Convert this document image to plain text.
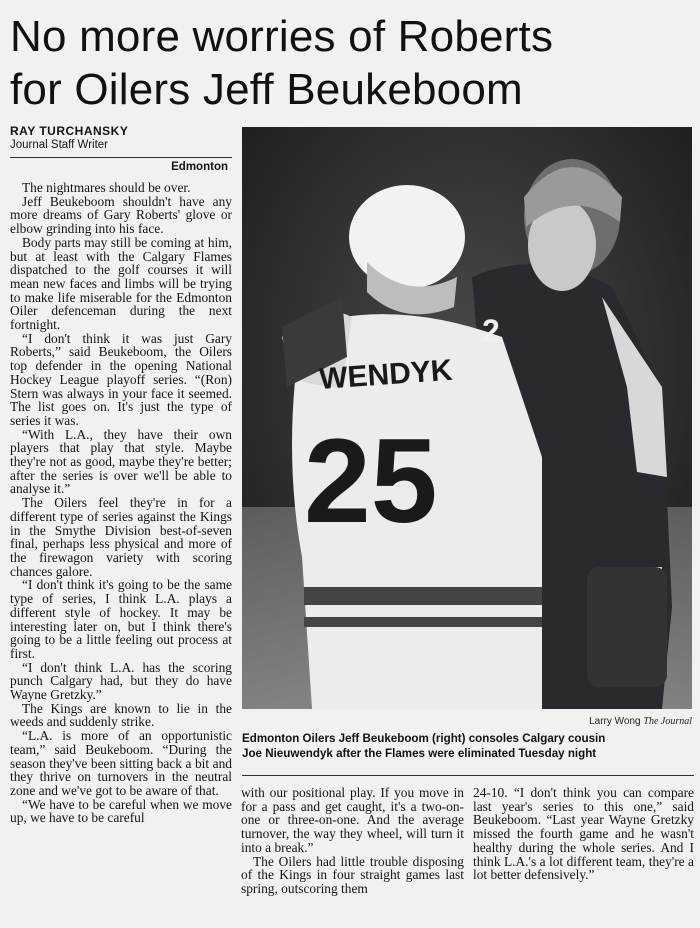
No more worries of Roberts
for Oilers Jeff Beukeboom
RAY TURCHANSKY
Journal Staff Writer
Edmonton

The nightmares should be over.

Jeff Beukeboom shouldn't have any more dreams of Gary Roberts' glove or elbow grinding into his face.

Body parts may still be coming at him, but at least with the Calgary Flames dispatched to the golf courses it will mean new faces and limbs will be trying to make life miserable for the Edmonton Oiler defenceman during the next fortnight.

“I don't think it was just Gary Roberts,” said Beukeboom, the Oilers top defender in the opening National Hockey League playoff series. “(Ron) Stern was always in your face it seemed. The list goes on. It's just the type of series it was.

“With L.A., they have their own players that play that style. Maybe they're not as good, maybe they're better; after the series is over we'll be able to analyse it.”

The Oilers feel they're in for a different type of series against the Kings in the Smythe Division best-of-seven final, perhaps less physical and more of the firewagon variety with scoring chances galore.

“I don't think it's going to be the same type of series, I think L.A. plays a different style of hockey. It may be interesting later on, but I think there's going to be a little feeling out process at first.

“I don't think L.A. has the scoring punch Calgary had, but they do have Wayne Gretzky.”

The Kings are known to lie in the weeds and suddenly strike.

“L.A. is more of an opportunistic team,” said Beukeboom. “During the season they've been sitting back a bit and they thrive on turnovers in the neutral zone and we've got to be aware of that.

“We have to be careful when we move up, we have to be careful

WENDYK
25
2
Larry Wong The Journal
Edmonton Oilers Jeff Beukeboom (right) consoles Calgary cousin
Joe Nieuwendyk after the Flames were eliminated Tuesday night

with our positional play. If you move in for a pass and get caught, it's a two-on-one or three-on-one. And the average turnover, the way they wheel, will turn it into a break.”

The Oilers had little trouble disposing of the Kings in four straight games last spring, outscoring them

24-10. “I don't think you can compare last year's series to this one,” said Beukeboom. “Last year Wayne Gretzky missed the fourth game and he wasn't healthy during the whole series. And I think L.A.'s a lot different team, they're a lot better defensively.”
